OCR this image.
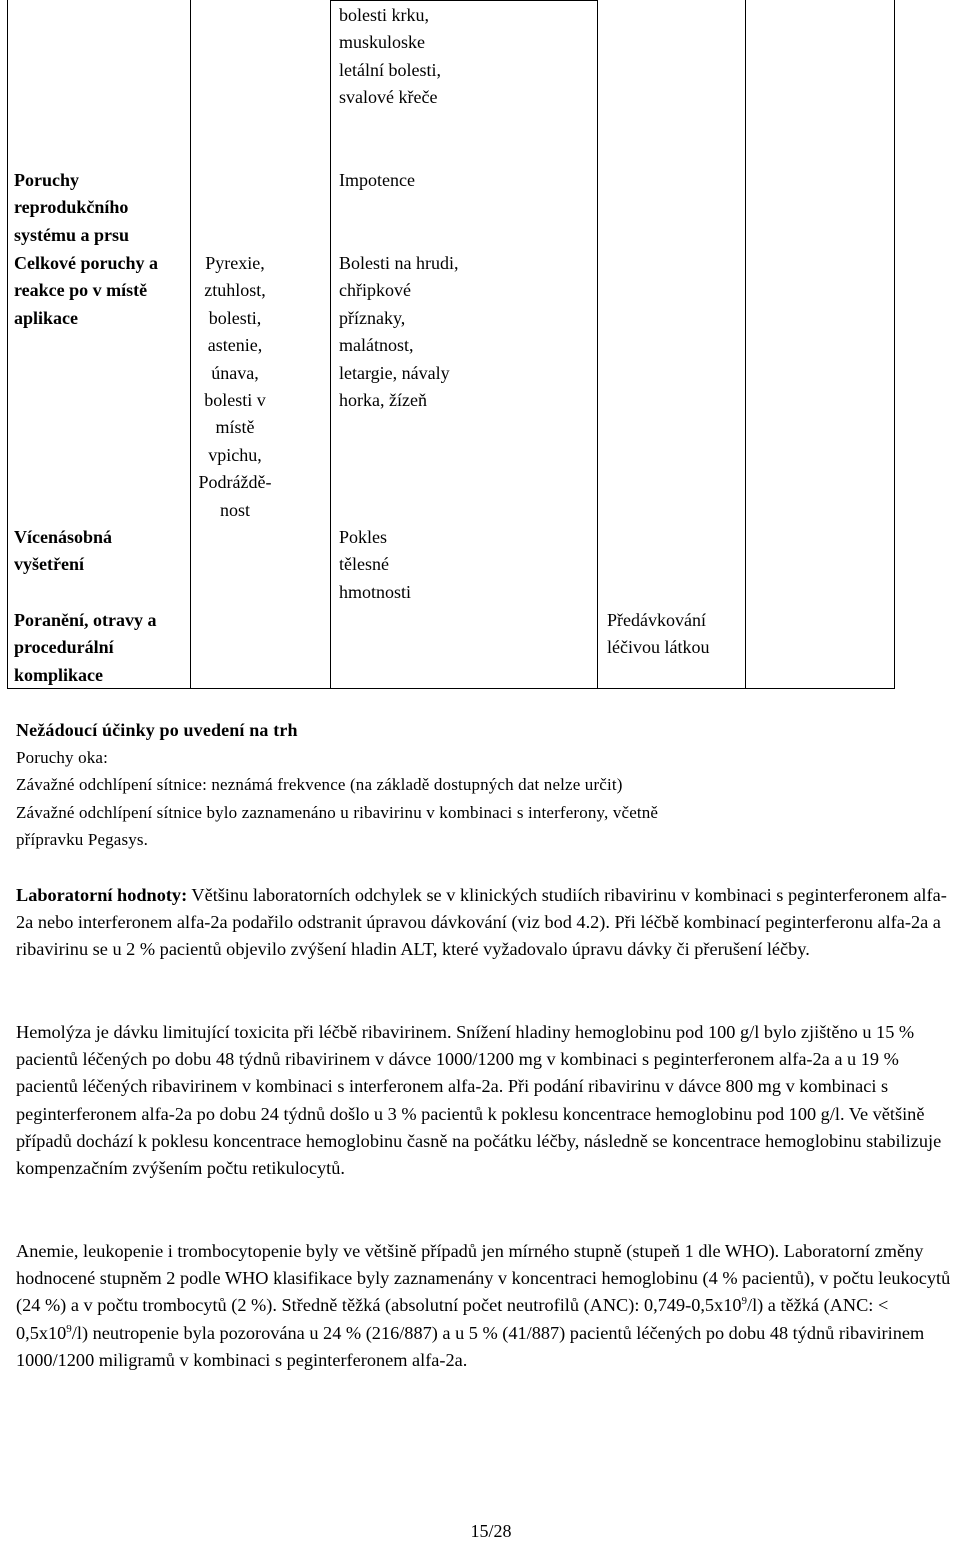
Poruchy reprodukčního systému a prsu
Celkové poruchy a reakce po v místě aplikace
Vícenásobná vyšetření
Poranění, otravy a procedurální komplikace
Pyrexie, ztuhlost, bolesti, astenie, únava, bolesti v místě vpichu, Podráždě-nost
bolesti krku, muskuloske letální bolesti, svalové křeče
Impotence
Bolesti na hrudi, chřipkové příznaky, malátnost, letargie, návaly horka, žízeň
Pokles tělesné hmotnosti
Předávkování léčivou látkou
Nežádoucí účinky po uvedení na trh
Poruchy oka:
Závažné odchlípení sítnice: neznámá frekvence (na základě dostupných dat nelze určit)
Závažné odchlípení sítnice bylo zaznamenáno u ribavirinu v kombinaci s interferony, včetně
přípravku Pegasys.

Laboratorní hodnoty: Většinu laboratorních odchylek se v klinických studiích ribavirinu v kombinaci s peginterferonem alfa-2a nebo interferonem alfa-2a podařilo odstranit úpravou dávkování (viz bod 4.2). Při léčbě kombinací peginterferonu alfa-2a a ribavirinu se u 2 % pacientů objevilo zvýšení hladin ALT, které vyžadovalo úpravu dávky či přerušení léčby.

Hemolýza je dávku limitující toxicita při léčbě ribavirinem. Snížení hladiny hemoglobinu pod 100 g/l bylo zjištěno u 15 % pacientů léčených po dobu 48 týdnů ribavirinem v dávce 1000/1200 mg v kombinaci s peginterferonem alfa-2a a u 19 % pacientů léčených ribavirinem v kombinaci s interferonem alfa-2a. Při podání ribavirinu v dávce 800 mg v kombinaci s peginterferonem alfa-2a po dobu 24 týdnů došlo u 3 % pacientů k poklesu koncentrace hemoglobinu pod 100 g/l. Ve většině případů dochází k poklesu koncentrace hemoglobinu časně na počátku léčby, následně se koncentrace hemoglobinu stabilizuje kompenzačním zvýšením počtu retikulocytů.

Anemie, leukopenie i trombocytopenie byly ve většině případů jen mírného stupně (stupeň 1 dle WHO). Laboratorní změny hodnocené stupněm 2 podle WHO klasifikace byly zaznamenány v koncentraci hemoglobinu (4 % pacientů), v počtu leukocytů (24 %) a v počtu trombocytů (2 %). Středně těžká (absolutní počet neutrofilů (ANC): $0,749-0,5x10^9/l$) a těžká (ANC: < $0,5x10^9/l$) neutropenie byla pozorována u 24 % (216/887) a u 5 % (41/887) pacientů léčených po dobu 48 týdnů ribavirinem 1000/1200 miligramů v kombinaci s peginterferonem alfa-2a.

15/28
